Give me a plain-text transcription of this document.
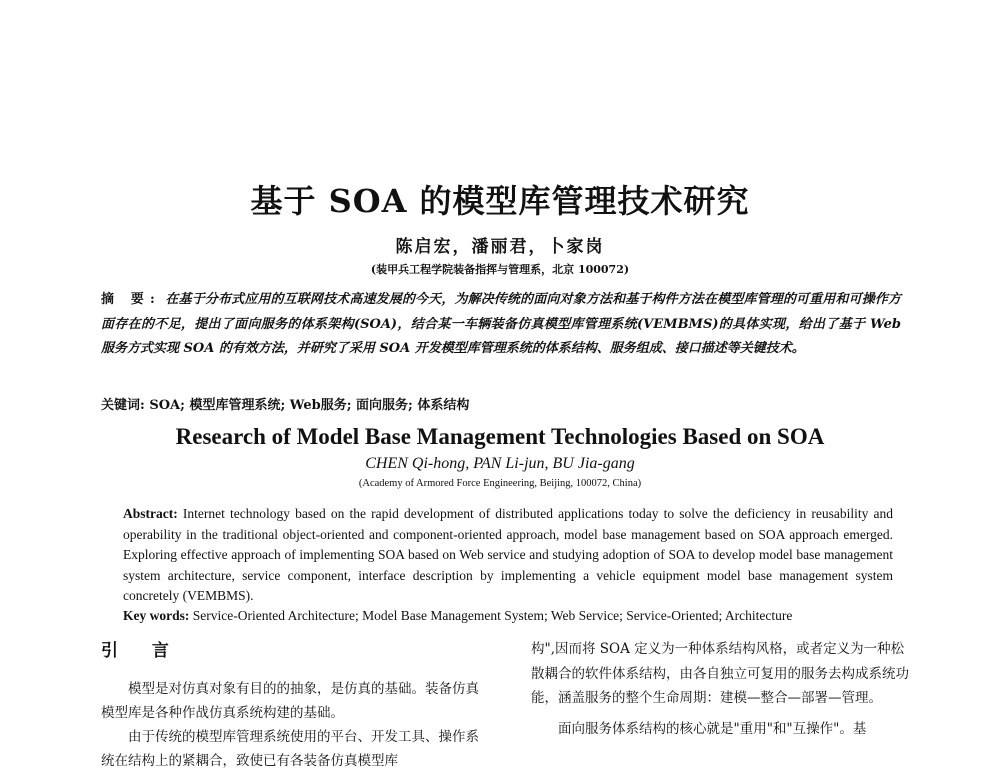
基于 SOA 的模型库管理技术研究
陈启宏，潘丽君，卜家岗
(装甲兵工程学院装备指挥与管理系，北京 100072)
摘 要: 在基于分布式应用的互联网技术高速发展的今天，为解决传统的面向对象方法和基于构件方法在模型库管理的可重用和可操作方面存在的不足，提出了面向服务的体系架构(SOA)，结合某一车辆装备仿真模型库管理系统(VEMBMS)的具体实现，给出了基于 Web 服务方式实现 SOA 的有效方法，并研究了采用 SOA 开发模型库管理系统的体系结构、服务组成、接口描述等关键技术。
关键词: SOA; 模型库管理系统; Web服务; 面向服务; 体系结构
Research of Model Base Management Technologies Based on SOA
CHEN Qi-hong, PAN Li-jun, BU Jia-gang
(Academy of Armored Force Engineering, Beijing, 100072, China)
Abstract: Internet technology based on the rapid development of distributed applications today to solve the deficiency in reusability and operability in the traditional object-oriented and component-oriented approach, model base management based on SOA approach emerged. Exploring effective approach of implementing SOA based on Web service and studying adoption of SOA to develop model base management system architecture, service component, interface description by implementing a vehicle equipment model base management system concretely (VEMBMS).
Key words: Service-Oriented Architecture; Model Base Management System; Web Service; Service-Oriented; Architecture
引 言

模型是对仿真对象有目的的抽象，是仿真的基础。装备仿真模型库是各种作战仿真系统构建的基础。

由于传统的模型库管理系统使用的平台、开发工具、操作系统在结构上的紧耦合，致使已有各装备仿真模型库

构",因而将 SOA 定义为一种体系结构风格，或者定义为一种松散耦合的软件体系结构，由各自独立可复用的服务去构成系统功能，涵盖服务的整个生命周期：建模—整合—部署—管理。

面向服务体系结构的核心就是"重用"和"互操作"。基
